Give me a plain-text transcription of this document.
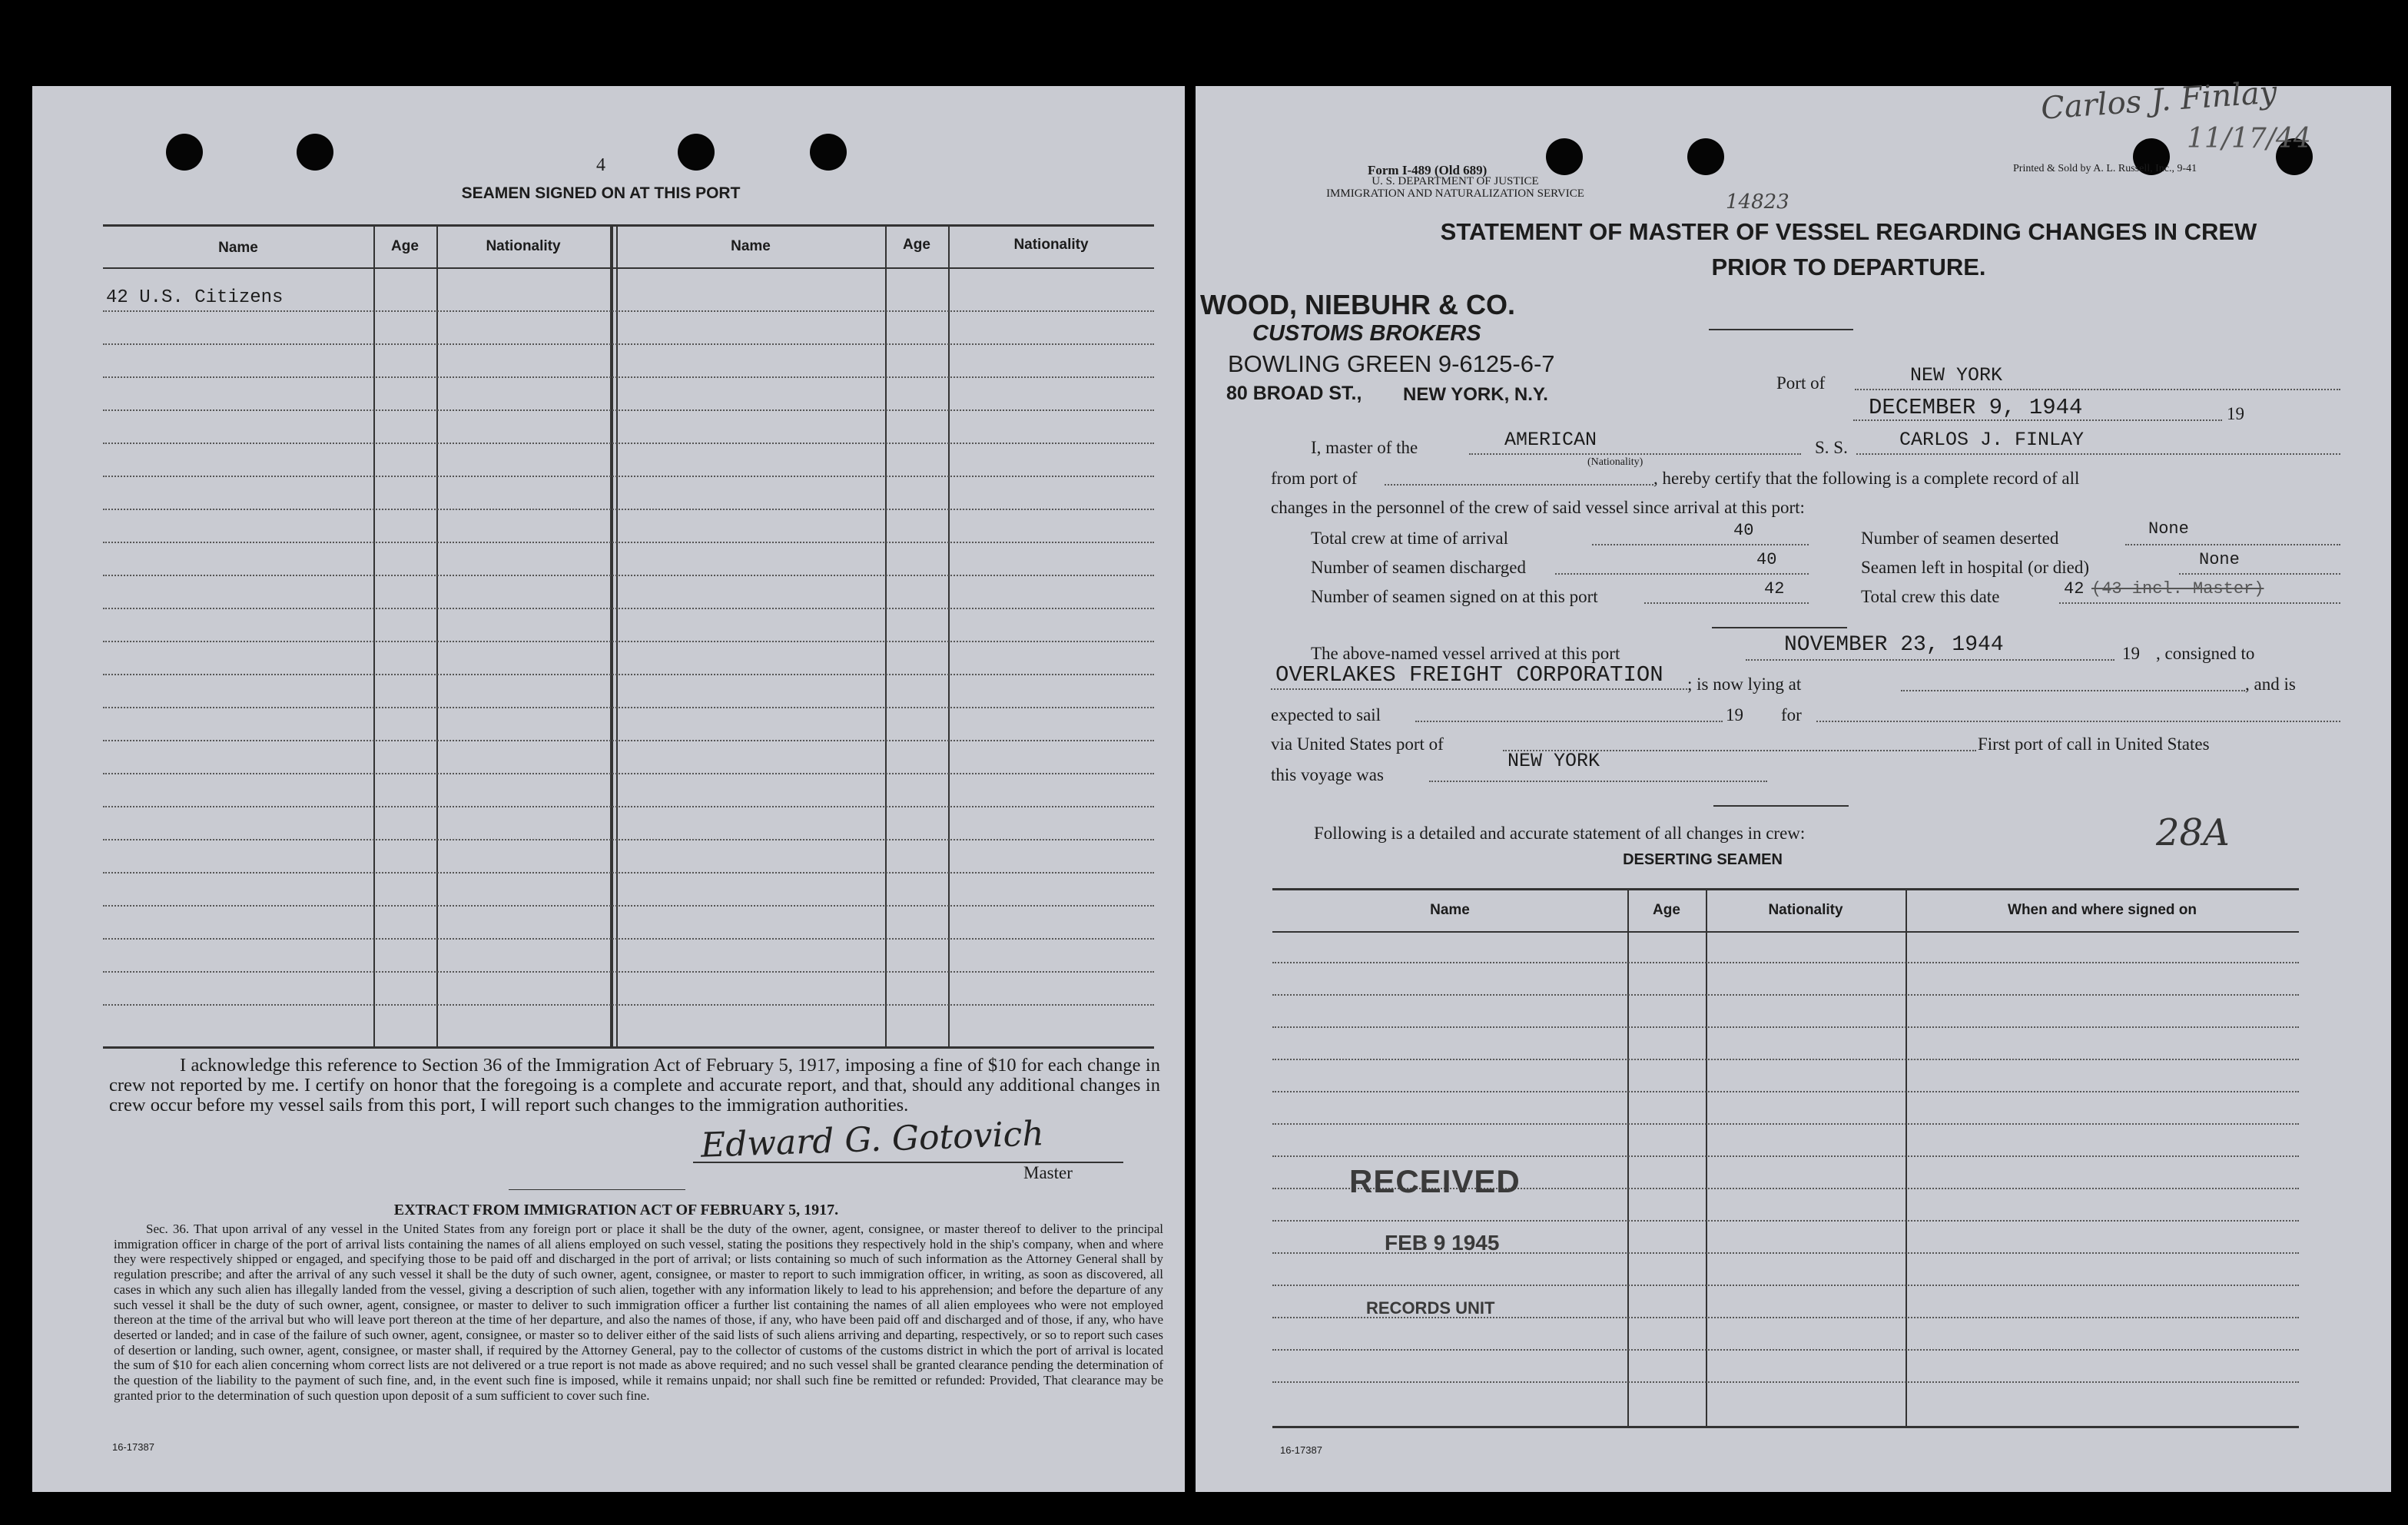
4
SEAMEN SIGNED ON AT THIS PORT
Name	Age	Nationality	Name	Age	Nationality
42 U.S. Citizens
I acknowledge this reference to Section 36 of the Immigration Act of February 5, 1917, imposing a fine of $10 for each change in crew not reported by me. I certify on honor that the foregoing is a complete and accurate report, and that, should any additional changes in crew occur before my vessel sails from this port, I will report such changes to the immigration authorities.
Edward G. Gotovich
Master
EXTRACT FROM IMMIGRATION ACT OF FEBRUARY 5, 1917.
Sec. 36. That upon arrival of any vessel in the United States from any foreign port or place it shall be the duty of the owner, agent, consignee, or master thereof to deliver to the principal immigration officer in charge of the port of arrival lists containing the names of all aliens employed on such vessel, stating the positions they respectively hold in the ship's company, when and where they were respectively shipped or engaged, and specifying those to be paid off and discharged in the port of arrival; or lists containing so much of such information as the Attorney General shall by regulation prescribe; and after the arrival of any such vessel it shall be the duty of such owner, agent, consignee, or master to report to such immigration officer, in writing, as soon as discovered, all cases in which any such alien has illegally landed from the vessel, giving a description of such alien, together with any information likely to lead to his apprehension; and before the departure of any such vessel it shall be the duty of such owner, agent, consignee, or master to deliver to such immigration officer a further list containing the names of all alien employees who were not employed thereon at the time of the arrival but who will leave port thereon at the time of her departure, and also the names of those, if any, who have been paid off and discharged and of those, if any, who have deserted or landed; and in case of the failure of such owner, agent, consignee, or master so to deliver either of the said lists of such aliens arriving and departing, respectively, or so to report such cases of desertion or landing, such owner, agent, consignee, or master shall, if required by the Attorney General, pay to the collector of customs of the customs district in which the port of arrival is located the sum of $10 for each alien concerning whom correct lists are not delivered or a true report is not made as above required; and no such vessel shall be granted clearance pending the determination of the question of the liability to the payment of such fine, and, in the event such fine is imposed, while it remains unpaid; nor shall such fine be remitted or refunded: Provided, That clearance may be granted prior to the determination of such question upon deposit of a sum sufficient to cover such fine.
16-17387
Carlos J. Finlay
11/17/44
Form I-489 (Old 689)
U. S. DEPARTMENT OF JUSTICE
IMMIGRATION AND NATURALIZATION SERVICE
Printed & Sold by A. L. Russell, Inc., 9-41
14823
STATEMENT OF MASTER OF VESSEL REGARDING CHANGES IN CREW
PRIOR TO DEPARTURE.
WOOD, NIEBUHR & CO.
CUSTOMS BROKERS
BOWLING GREEN 9-6125-6-7
80 BROAD ST., NEW YORK, N.Y.
Port of	NEW YORK
DECEMBER 9, 1944	19
I, master of the	AMERICAN
(Nationality)
S. S.	CARLOS J. FINLAY
from port of	, hereby certify that the following is a complete record of all
changes in the personnel of the crew of said vessel since arrival at this port:
Total crew at time of arrival	40	Number of seamen deserted	None
Number of seamen discharged	40	Seamen left in hospital (or died)	None
Number of seamen signed on at this port	42	Total crew this date	42 (43 incl. Master)
The above-named vessel arrived at this port	NOVEMBER 23, 1944	19 , consigned to
OVERLAKES FREIGHT CORPORATION ; is now lying at	, and is
expected to sail	19 for
via United States port of	First port of call in United States
this voyage was
NEW YORK
Following is a detailed and accurate statement of all changes in crew:	28A
DESERTING SEAMEN
Name	Age	Nationality	When and where signed on
RECEIVED
FEB 9 1945
RECORDS UNIT
16-17387
